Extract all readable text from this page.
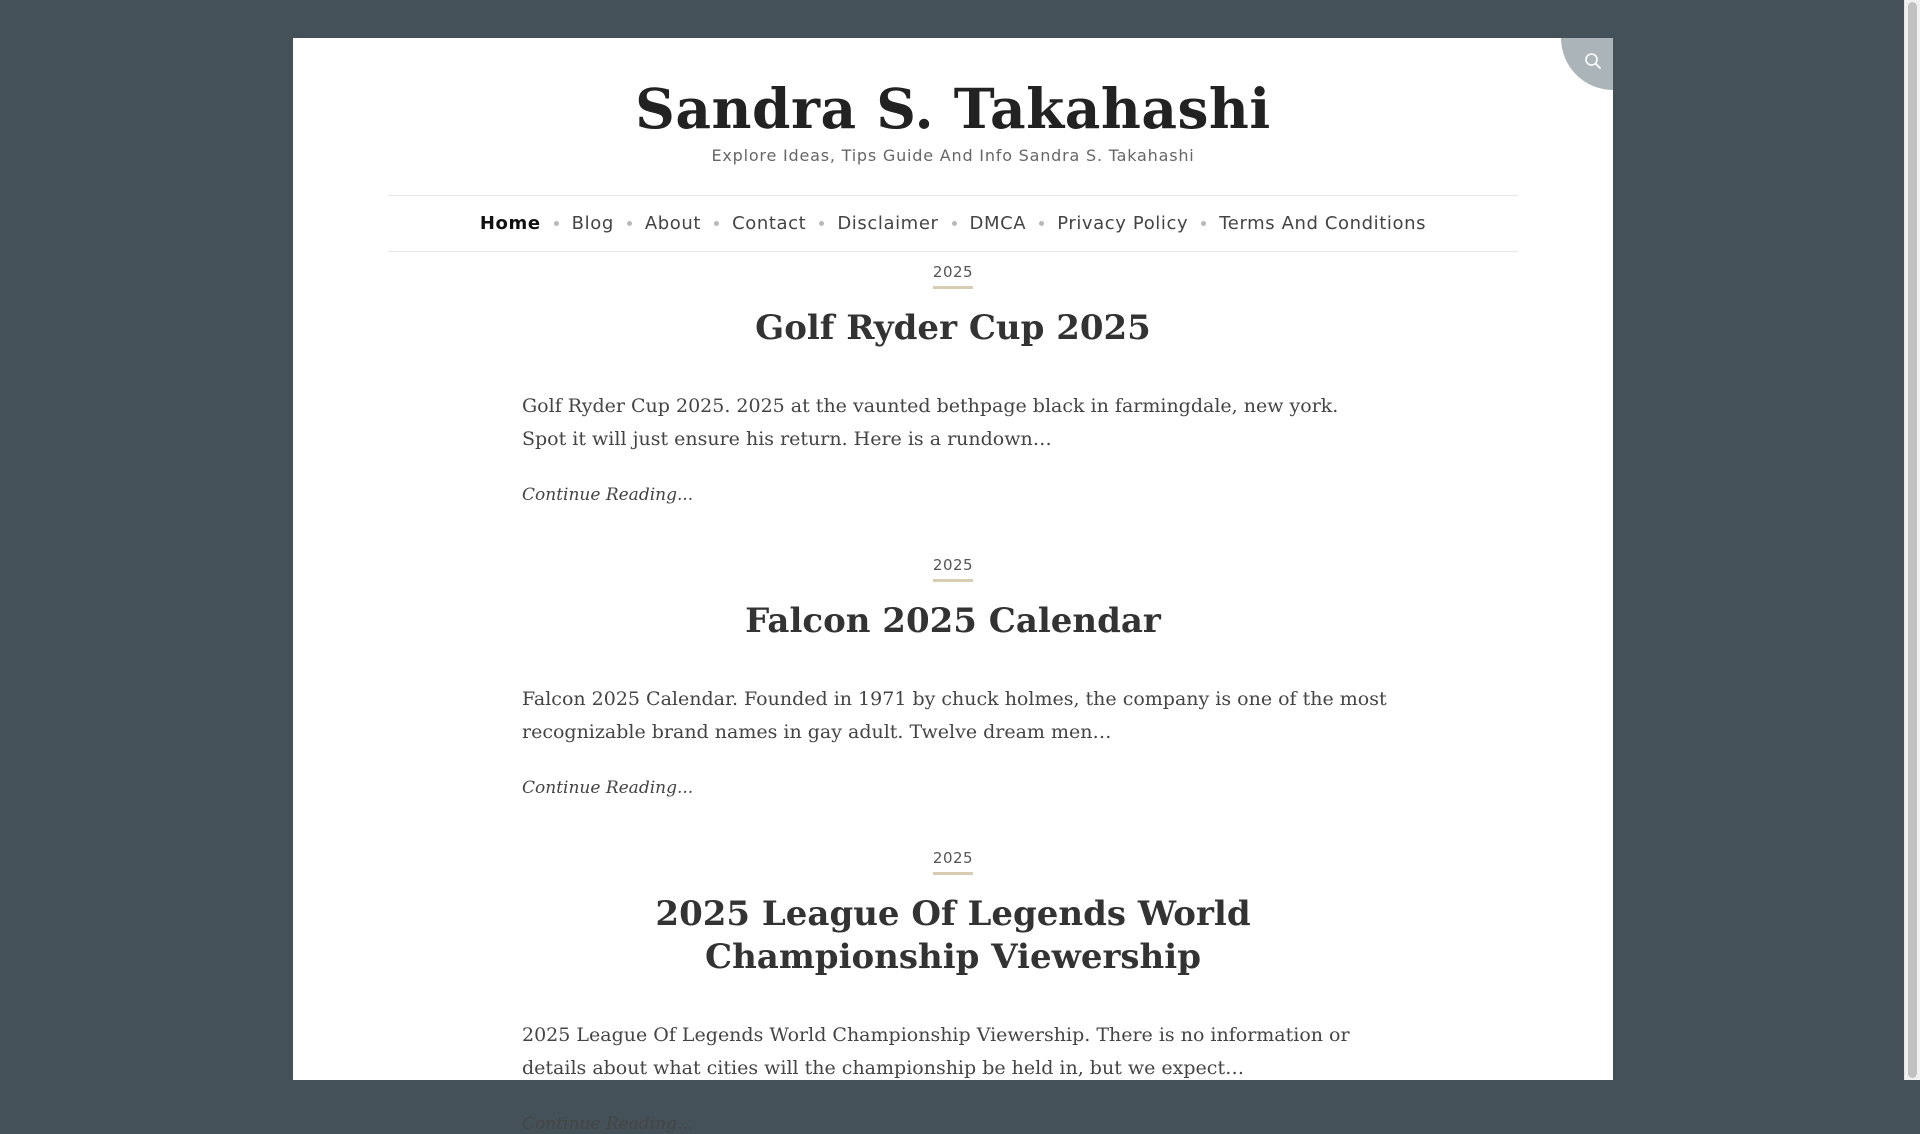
Sandra S. Takahashi
Explore Ideas, Tips Guide And Info Sandra S. Takahashi
Home Blog About Contact Disclaimer DMCA Privacy Policy Terms And Conditions
2025
Golf Ryder Cup 2025

Golf Ryder Cup 2025. 2025 at the vaunted bethpage black in farmingdale, new york. Spot it will just ensure his return. Here is a rundown…

Continue Reading...
2025
Falcon 2025 Calendar

Falcon 2025 Calendar. Founded in 1971 by chuck holmes, the company is one of the most recognizable brand names in gay adult. Twelve dream men…

Continue Reading...
2025
2025 League Of Legends World Championship Viewership

2025 League Of Legends World Championship Viewership. There is no information or details about what cities will the championship be held in, but we expect…

Continue Reading...
